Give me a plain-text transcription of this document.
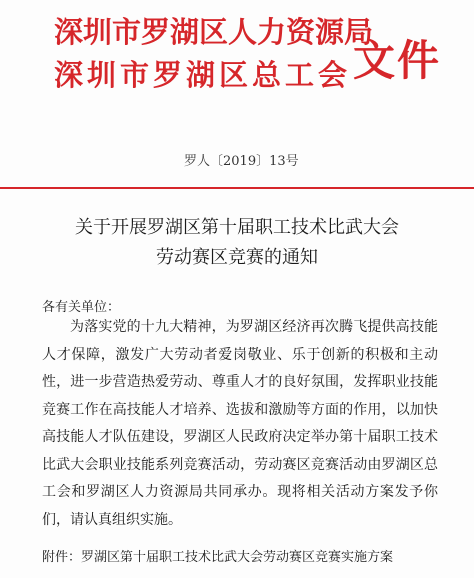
深圳市罗湖区人力资源局
深圳市罗湖区总工会 文件
罗人〔2019〕13号
关于开展罗湖区第十届职工技术比武大会
劳动赛区竞赛的通知
各有关单位：

为落实党的十九大精神，为罗湖区经济再次腾飞提供高技能人才保障，激发广大劳动者爱岗敬业、乐于创新的积极和主动性，进一步营造热爱劳动、尊重人才的良好氛围，发挥职业技能竞赛工作在高技能人才培养、选拔和激励等方面的作用，以加快高技能人才队伍建设，罗湖区人民政府决定举办第十届职工技术比武大会职业技能系列竞赛活动，劳动赛区竞赛活动由罗湖区总工会和罗湖区人力资源局共同承办。现将相关活动方案发予你们，请认真组织实施。

附件：罗湖区第十届职工技术比武大会劳动赛区竞赛实施方案
